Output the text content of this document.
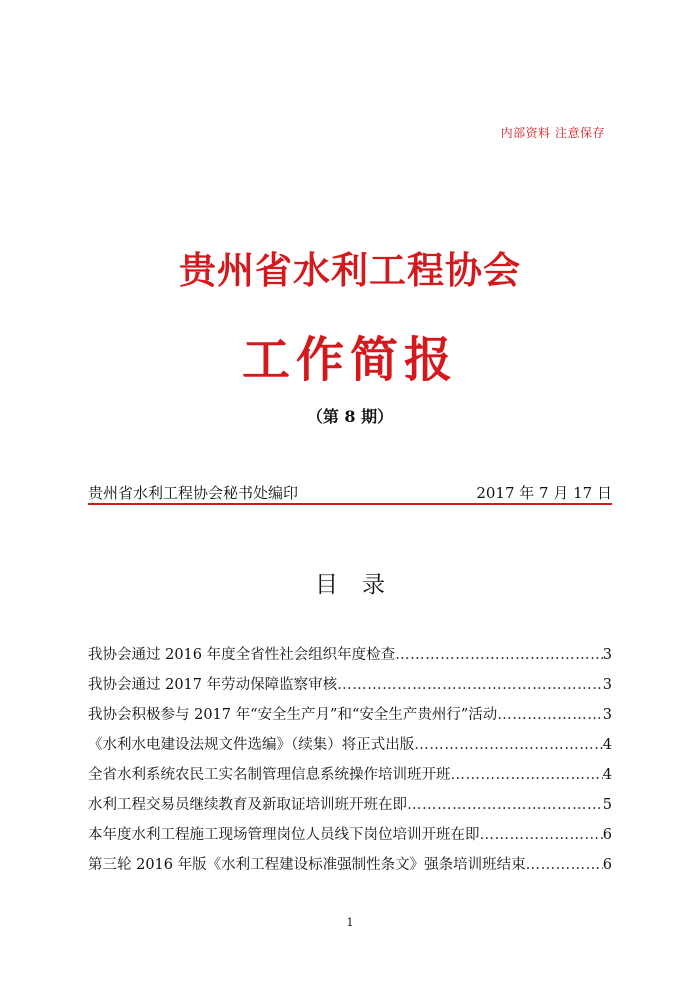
内部资料 注意保存
贵州省水利工程协会
工作简报
（第 8 期）
贵州省水利工程协会秘书处编印	2017 年 7 月 17 日
目录
我协会通过 2016 年度全省性社会组织年度检查 ……………………………………………………………………………………………………………………………………	3
我协会通过 2017 年劳动保障监察审核 ……………………………………………………………………………………………………………………………………	3
我协会积极参与 2017 年“安全生产月”和“安全生产贵州行”活动 ……………………………………………………………………………………………………………………………………	3
《水利水电建设法规文件选编》（续集）将正式出版 ……………………………………………………………………………………………………………………………………	4
全省水利系统农民工实名制管理信息系统操作培训班开班 ……………………………………………………………………………………………………………………………………	4
水利工程交易员继续教育及新取证培训班开班在即 ……………………………………………………………………………………………………………………………………	5
本年度水利工程施工现场管理岗位人员线下岗位培训开班在即 ……………………………………………………………………………………………………………………………………	6
第三轮 2016 年版《水利工程建设标准强制性条文》强条培训班结束 ……………………………………………………………………………………………………………………………………	6
1
